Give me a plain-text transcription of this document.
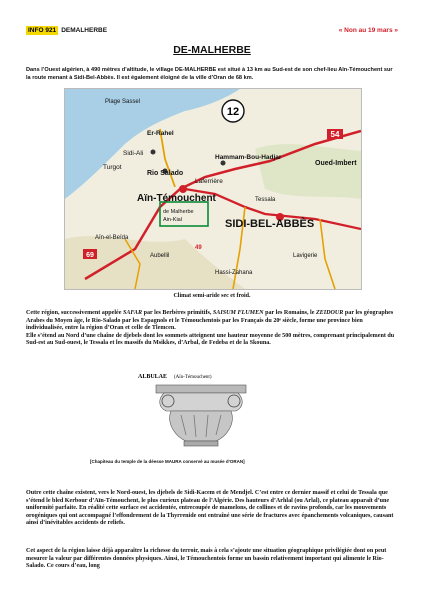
INFO 921 DEMALHERBE	« Non au 19 mars »
DE-MALHERBE
Dans l’Ouest algérien, à 490 mètres d’altitude, le village DE-MALHERBE est situé à 13 km au Sud-est de son chef-lieu Aïn-Témouchent sur la route menant à Sidi-Bel-Abbès. Il est également éloigné de la ville d’Oran de 68 km.
12
54
69
Plage Sassel
Er-Rahel
Sidi-Ali
Turgot
Rio Salado
Hammam-Bou-Hadjar
Laferrière
Aïn-Témouchent
de Malherbe
Ain-Kial	SIDI-BEL-ABBÈS
Tessala
Oued-Imbert
Aïn-el-Beïda
Aubellil	Lavigerie
Hassi-Zahana
49
Climat semi-aride sec et froid.
Cette région, successivement appelée SAFAR par les Berbères primitifs, SAISUM FLUMEN par les Romains, le ZEIDOUR par les géographes Arabes du Moyen âge, le Rio-Salado par les Espagnols et le Témouchentois par les Français du 20ᵉ siècle, forme une province bien individualisée, entre la région d’Oran et celle de Tlemcen.
Elle s’étend au Nord d’une chaîne de djebels dont les sommets atteignent une hauteur moyenne de 500 mètres, comprenant principalement du Sud-est au Sud-ouest, le Tessala et les massifs du Msikkes, d’Arbal, de Fedeba et de la Skouna.
ALBULAE (Aïn-Témouchent)
[Chapiteau du temple de la déesse MAURA conservé au musée d’ORAN]
Outre cette chaîne existent, vers le Nord-ouest, les djebels de Sidi-Kacem et de Mendjel. C’est entre ce dernier massif et celui de Tessala que s’étend le bled Kerbour d’Aïn-Témouchent, le plus curieux plateau de l’Algérie. Des hauteurs d’Arhlal (ou Arlal), ce plateau apparaît d’une uniformité parfaite. En réalité cette surface est accidentée, entrecoupée de mamelons, de collines et de ravins profonds, car les mouvements orogéniques qui ont accompagné l’effondrement de la Thyrrenide ont entraîné une série de fractures avec épanchements volcaniques, causant ainsi d’inévitables accidents de reliefs.
Cet aspect de la région laisse déjà apparaître la richesse du terroir, mais à cela s’ajoute une situation géographique privilégiée dont on peut mesurer la valeur par différentes données physiques. Ainsi, le Témouchentois forme un bassin relativement important qui alimente le Rio-Salado. Ce cours d’eau, long
